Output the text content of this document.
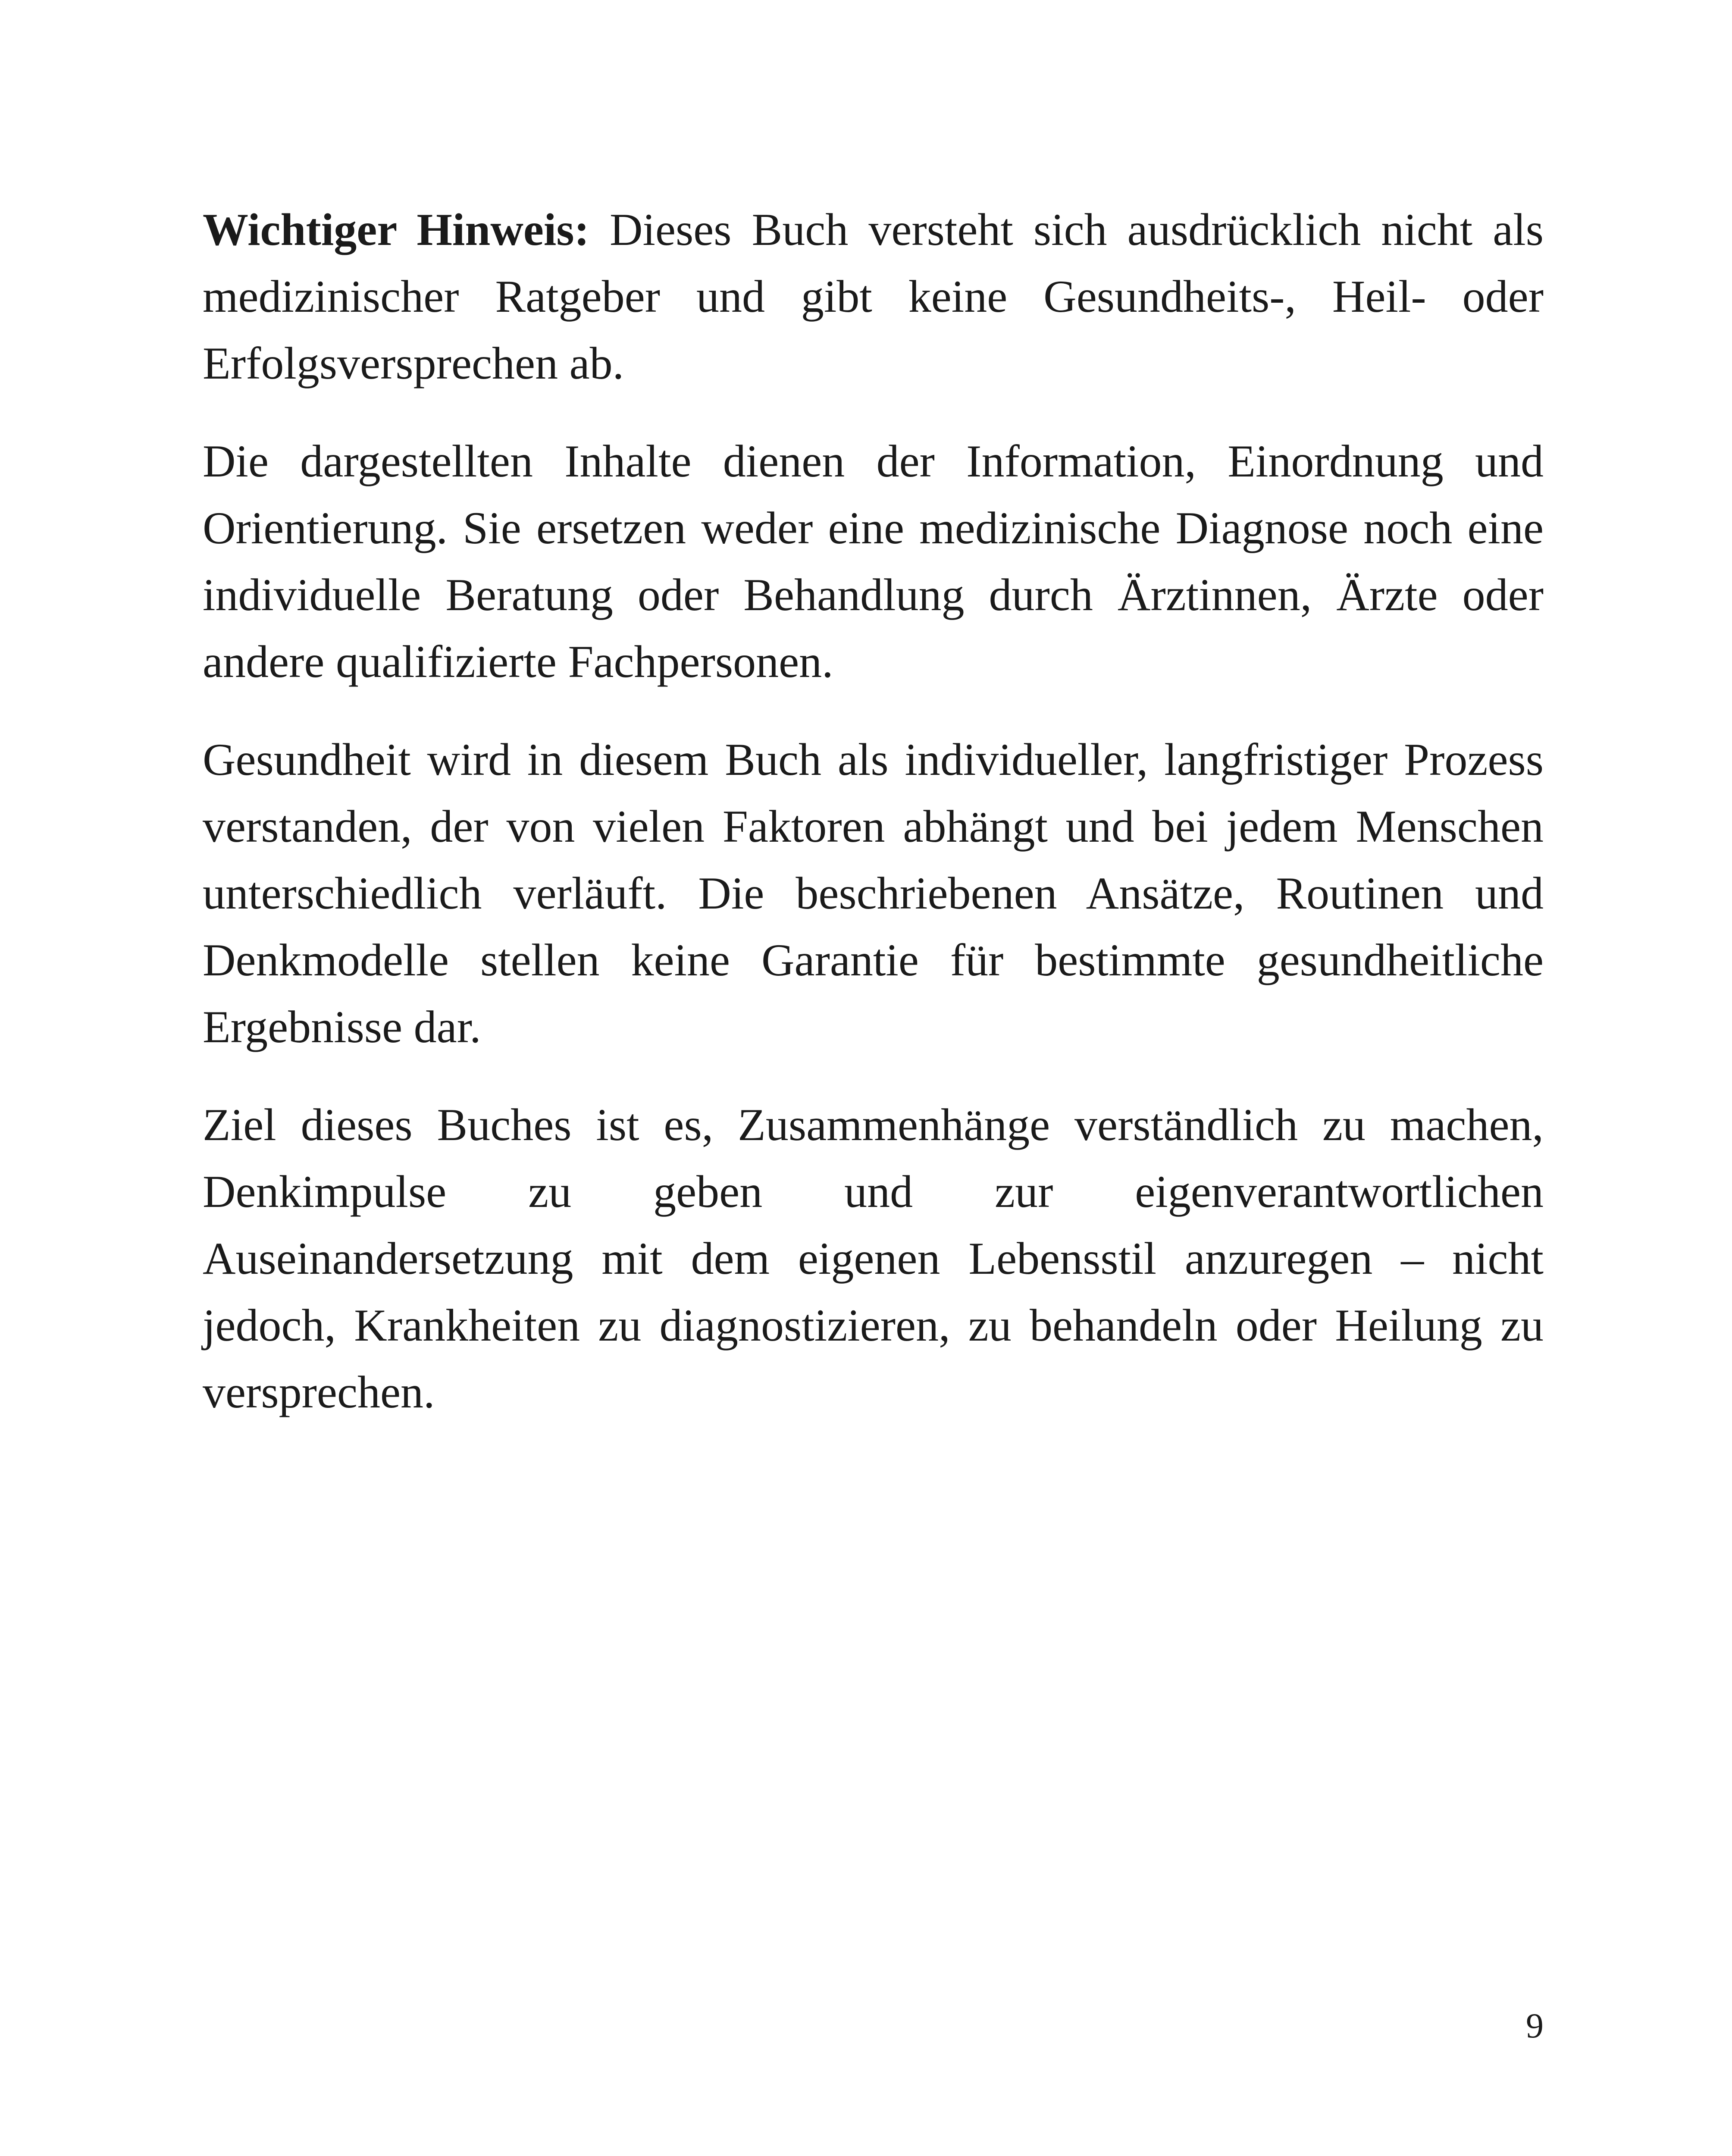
Wichtiger Hinweis: Dieses Buch versteht sich ausdrücklich nicht als medizinischer Ratgeber und gibt keine Gesundheits-, Heil- oder Erfolgsversprechen ab.

Die dargestellten Inhalte dienen der Information, Einordnung und Orientierung. Sie ersetzen weder eine medizinische Diagnose noch eine individuelle Beratung oder Behandlung durch Ärztinnen, Ärzte oder andere qualifizierte Fachpersonen.

Gesundheit wird in diesem Buch als individueller, langfristiger Prozess verstanden, der von vielen Faktoren abhängt und bei jedem Menschen unterschiedlich verläuft. Die beschriebenen Ansätze, Routinen und Denkmodelle stellen keine Garantie für bestimmte gesundheitliche Ergebnisse dar.

Ziel dieses Buches ist es, Zusammenhänge verständlich zu machen, Denkimpulse zu geben und zur eigenverantwortlichen Auseinandersetzung mit dem eigenen Lebensstil anzuregen – nicht jedoch, Krankheiten zu diagnostizieren, zu behandeln oder Heilung zu versprechen.

9
